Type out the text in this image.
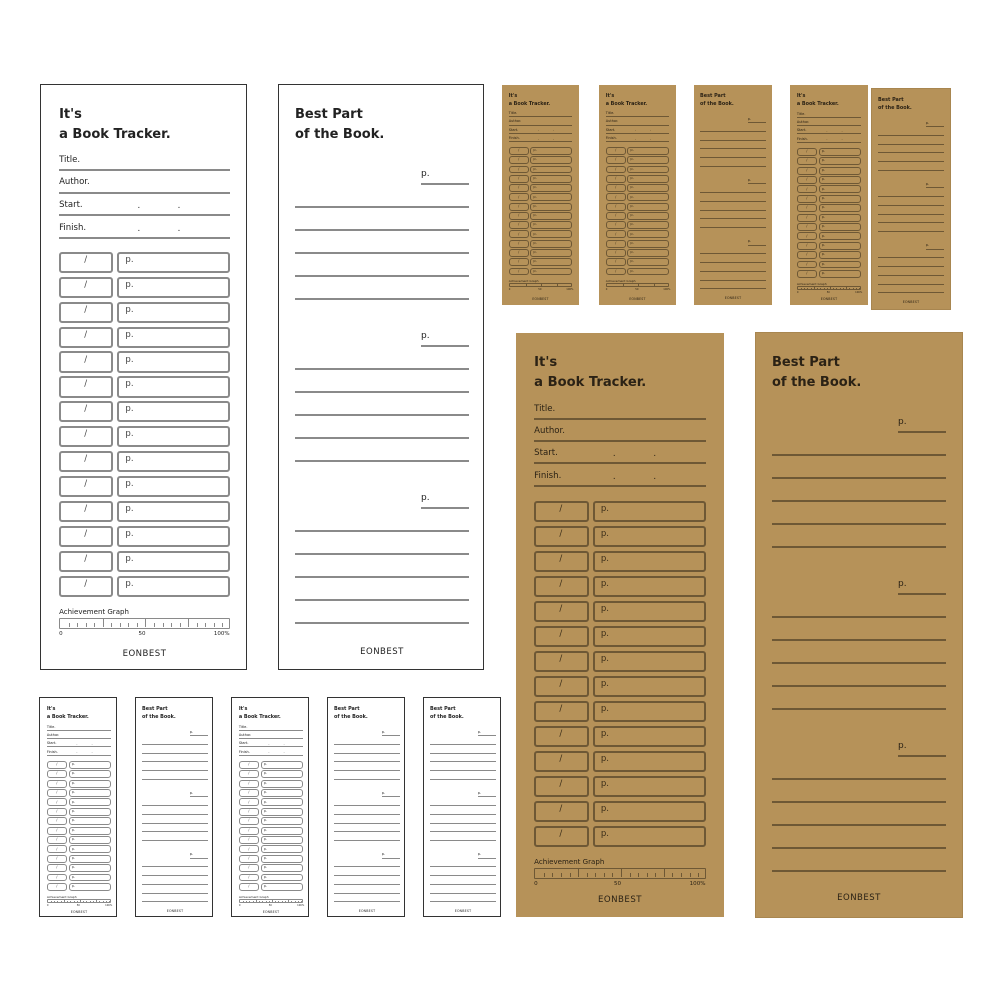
It's
a Book Tracker.
Title.
Author.
Start.	.	.
Finish.	.	.
/	p.
/	p.
/	p.
/	p.
/	p.
/	p.
/	p.
/	p.
/	p.
/	p.
/	p.
/	p.
/	p.
/	p.
Achievement Graph
0	50	100%
EONBEST
Best Part
of the Book.
p.
p.
p.
EONBEST
It's
a Book Tracker.
Title.
Author.
Start.	.	.
Finish.	.	.
/	p.
/	p.
/	p.
/	p.
/	p.
/	p.
/	p.
/	p.
/	p.
/	p.
/	p.
/	p.
/	p.
/	p.
Achievement Graph
0	50	100%
EONBEST
It's
a Book Tracker.
Title.
Author.
Start.	.	.
Finish.	.	.
/	p.
/	p.
/	p.
/	p.
/	p.
/	p.
/	p.
/	p.
/	p.
/	p.
/	p.
/	p.
/	p.
/	p.
Achievement Graph
0	50	100%
EONBEST
Best Part
of the Book.
p.
p.
p.
EONBEST
It's
a Book Tracker.
Title.
Author.
Start.	.	.
Finish.	.	.
/	p.
/	p.
/	p.
/	p.
/	p.
/	p.
/	p.
/	p.
/	p.
/	p.
/	p.
/	p.
/	p.
/	p.
Achievement Graph
0	50	100%
EONBEST
Best Part
of the Book.
p.
p.
p.
EONBEST
It's
a Book Tracker.
Title.
Author.
Start.	.	.
Finish.	.	.
/	p.
/	p.
/	p.
/	p.
/	p.
/	p.
/	p.
/	p.
/	p.
/	p.
/	p.
/	p.
/	p.
/	p.
Achievement Graph
0	50	100%
EONBEST
Best Part
of the Book.
p.
p.
p.
EONBEST
It's
a Book Tracker.
Title.
Author.
Start.	.	.
Finish.	.	.
/	p.
/	p.
/	p.
/	p.
/	p.
/	p.
/	p.
/	p.
/	p.
/	p.
/	p.
/	p.
/	p.
/	p.
Achievement Graph
0	50	100%
EONBEST
Best Part
of the Book.
p.
p.
p.
EONBEST
It's
a Book Tracker.
Title.
Author.
Start.	.	.
Finish.	.	.
/	p.
/	p.
/	p.
/	p.
/	p.
/	p.
/	p.
/	p.
/	p.
/	p.
/	p.
/	p.
/	p.
/	p.
Achievement Graph
0	50	100%
EONBEST
Best Part
of the Book.
p.
p.
p.
EONBEST
Best Part
of the Book.
p.
p.
p.
EONBEST
